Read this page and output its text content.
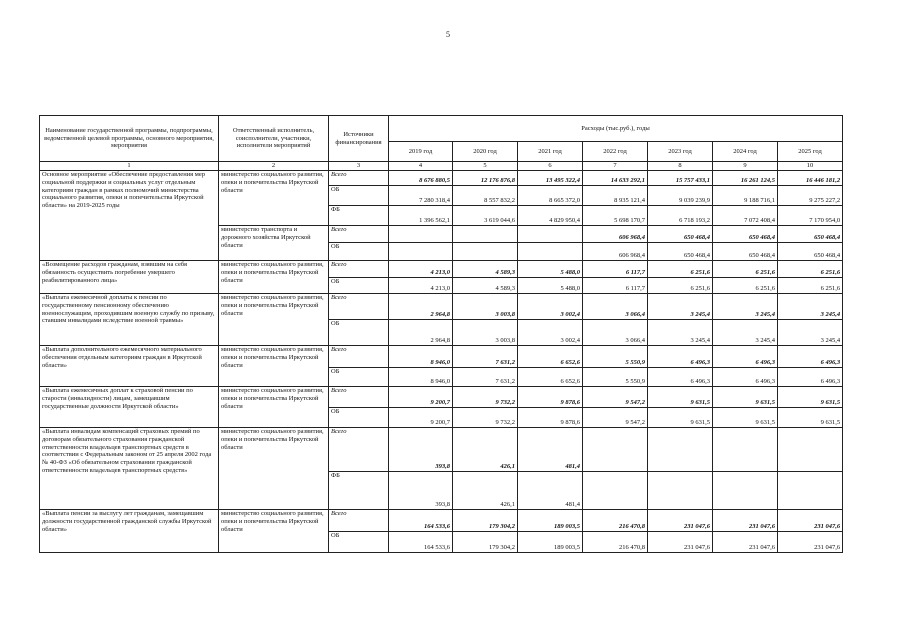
5
Наименование государственной программы, подпрограммы, ведомственной целевой программы, основного мероприятия, мероприятия	Ответственный исполнитель, соисполнители, участники, исполнители мероприятий	Источники финансирования	Расходы (тыс.руб.), годы						
			2019 год	2020 год	2021 год	2022 год	2023 год	2024 год	2025 год
1	2	3	4	5	6	7	8	9	10
Основное мероприятие «Обеспечение предоставления мер социальной поддержки и социальных услуг отдельным категориям граждан в рамках полномочий министерства социального развития, опеки и попечительства Иркутской области» на 2019-2025 годы	министерство социального развития, опеки и попечительства Иркутской области	Всего	8 676 880,5	12 176 876,8	13 495 322,4	14 633 292,1	15 757 433,1	16 261 124,5	16 446 181,2
		ОБ	7 280 318,4	8 557 832,2	8 665 372,0	8 935 121,4	9 039 239,9	9 188 716,1	9 275 227,2
		ФБ	1 396 562,1	3 619 044,6	4 829 950,4	5 698 170,7	6 718 193,2	7 072 408,4	7 170 954,0
	министерство транспорта и дорожного хозяйства Иркутской области	Всего				606 968,4	650 468,4	650 468,4	650 468,4
		ОБ				606 968,4	650 468,4	650 468,4	650 468,4
«Возмещение расходов гражданам, взявшим на себя обязанность осуществить погребение умершего реабилитированного лица»	министерство социального развития, опеки и попечительства Иркутской области	Всего	4 213,0	4 589,3	5 488,0	6 117,7	6 251,6	6 251,6	6 251,6
		ОБ	4 213,0	4 589,3	5 488,0	6 117,7	6 251,6	6 251,6	6 251,6
«Выплата ежемесячной доплаты к пенсии по государственному пенсионному обеспечению военнослужащим, проходившим военную службу по призыву, ставшим инвалидами вследствие военной травмы»	министерство социального развития, опеки и попечительства Иркутской области	Всего	2 964,8	3 003,8	3 002,4	3 066,4	3 245,4	3 245,4	3 245,4
		ОБ	2 964,8	3 003,8	3 002,4	3 066,4	3 245,4	3 245,4	3 245,4
«Выплата дополнительного ежемесячного материального обеспечения отдельным категориям граждан в Иркутской области»	министерство социального развития, опеки и попечительства Иркутской области	Всего	8 946,0	7 631,2	6 652,6	5 550,9	6 496,3	6 496,3	6 496,3
		ОБ	8 946,0	7 631,2	6 652,6	5 550,9	6 496,3	6 496,3	6 496,3
«Выплата ежемесячных доплат к страховой пенсии по старости (инвалидности) лицам, замещавшим государственные должности Иркутской области»	министерство социального развития, опеки и попечительства Иркутской области	Всего	9 200,7	9 732,2	9 878,6	9 547,2	9 631,5	9 631,5	9 631,5
		ОБ	9 200,7	9 732,2	9 878,6	9 547,2	9 631,5	9 631,5	9 631,5
«Выплата инвалидам компенсаций страховых премий по договорам обязательного страхования гражданской ответственности владельцев транспортных средств в соответствии с Федеральным законом от 25 апреля 2002 года № 40-ФЗ «Об обязательном страховании гражданской ответственности владельцев транспортных средств»	министерство социального развития, опеки и попечительства Иркутской области	Всего	393,8	426,1	481,4				
		ФБ	393,8	426,1	481,4				
«Выплата пенсии за выслугу лет гражданам, замещавшим должности государственной гражданской службы Иркутской области»	министерство социального развития, опеки и попечительства Иркутской области	Всего	164 533,6	179 304,2	189 003,5	216 470,8	231 047,6	231 047,6	231 047,6
		ОБ	164 533,6	179 304,2	189 003,5	216 470,8	231 047,6	231 047,6	231 047,6
